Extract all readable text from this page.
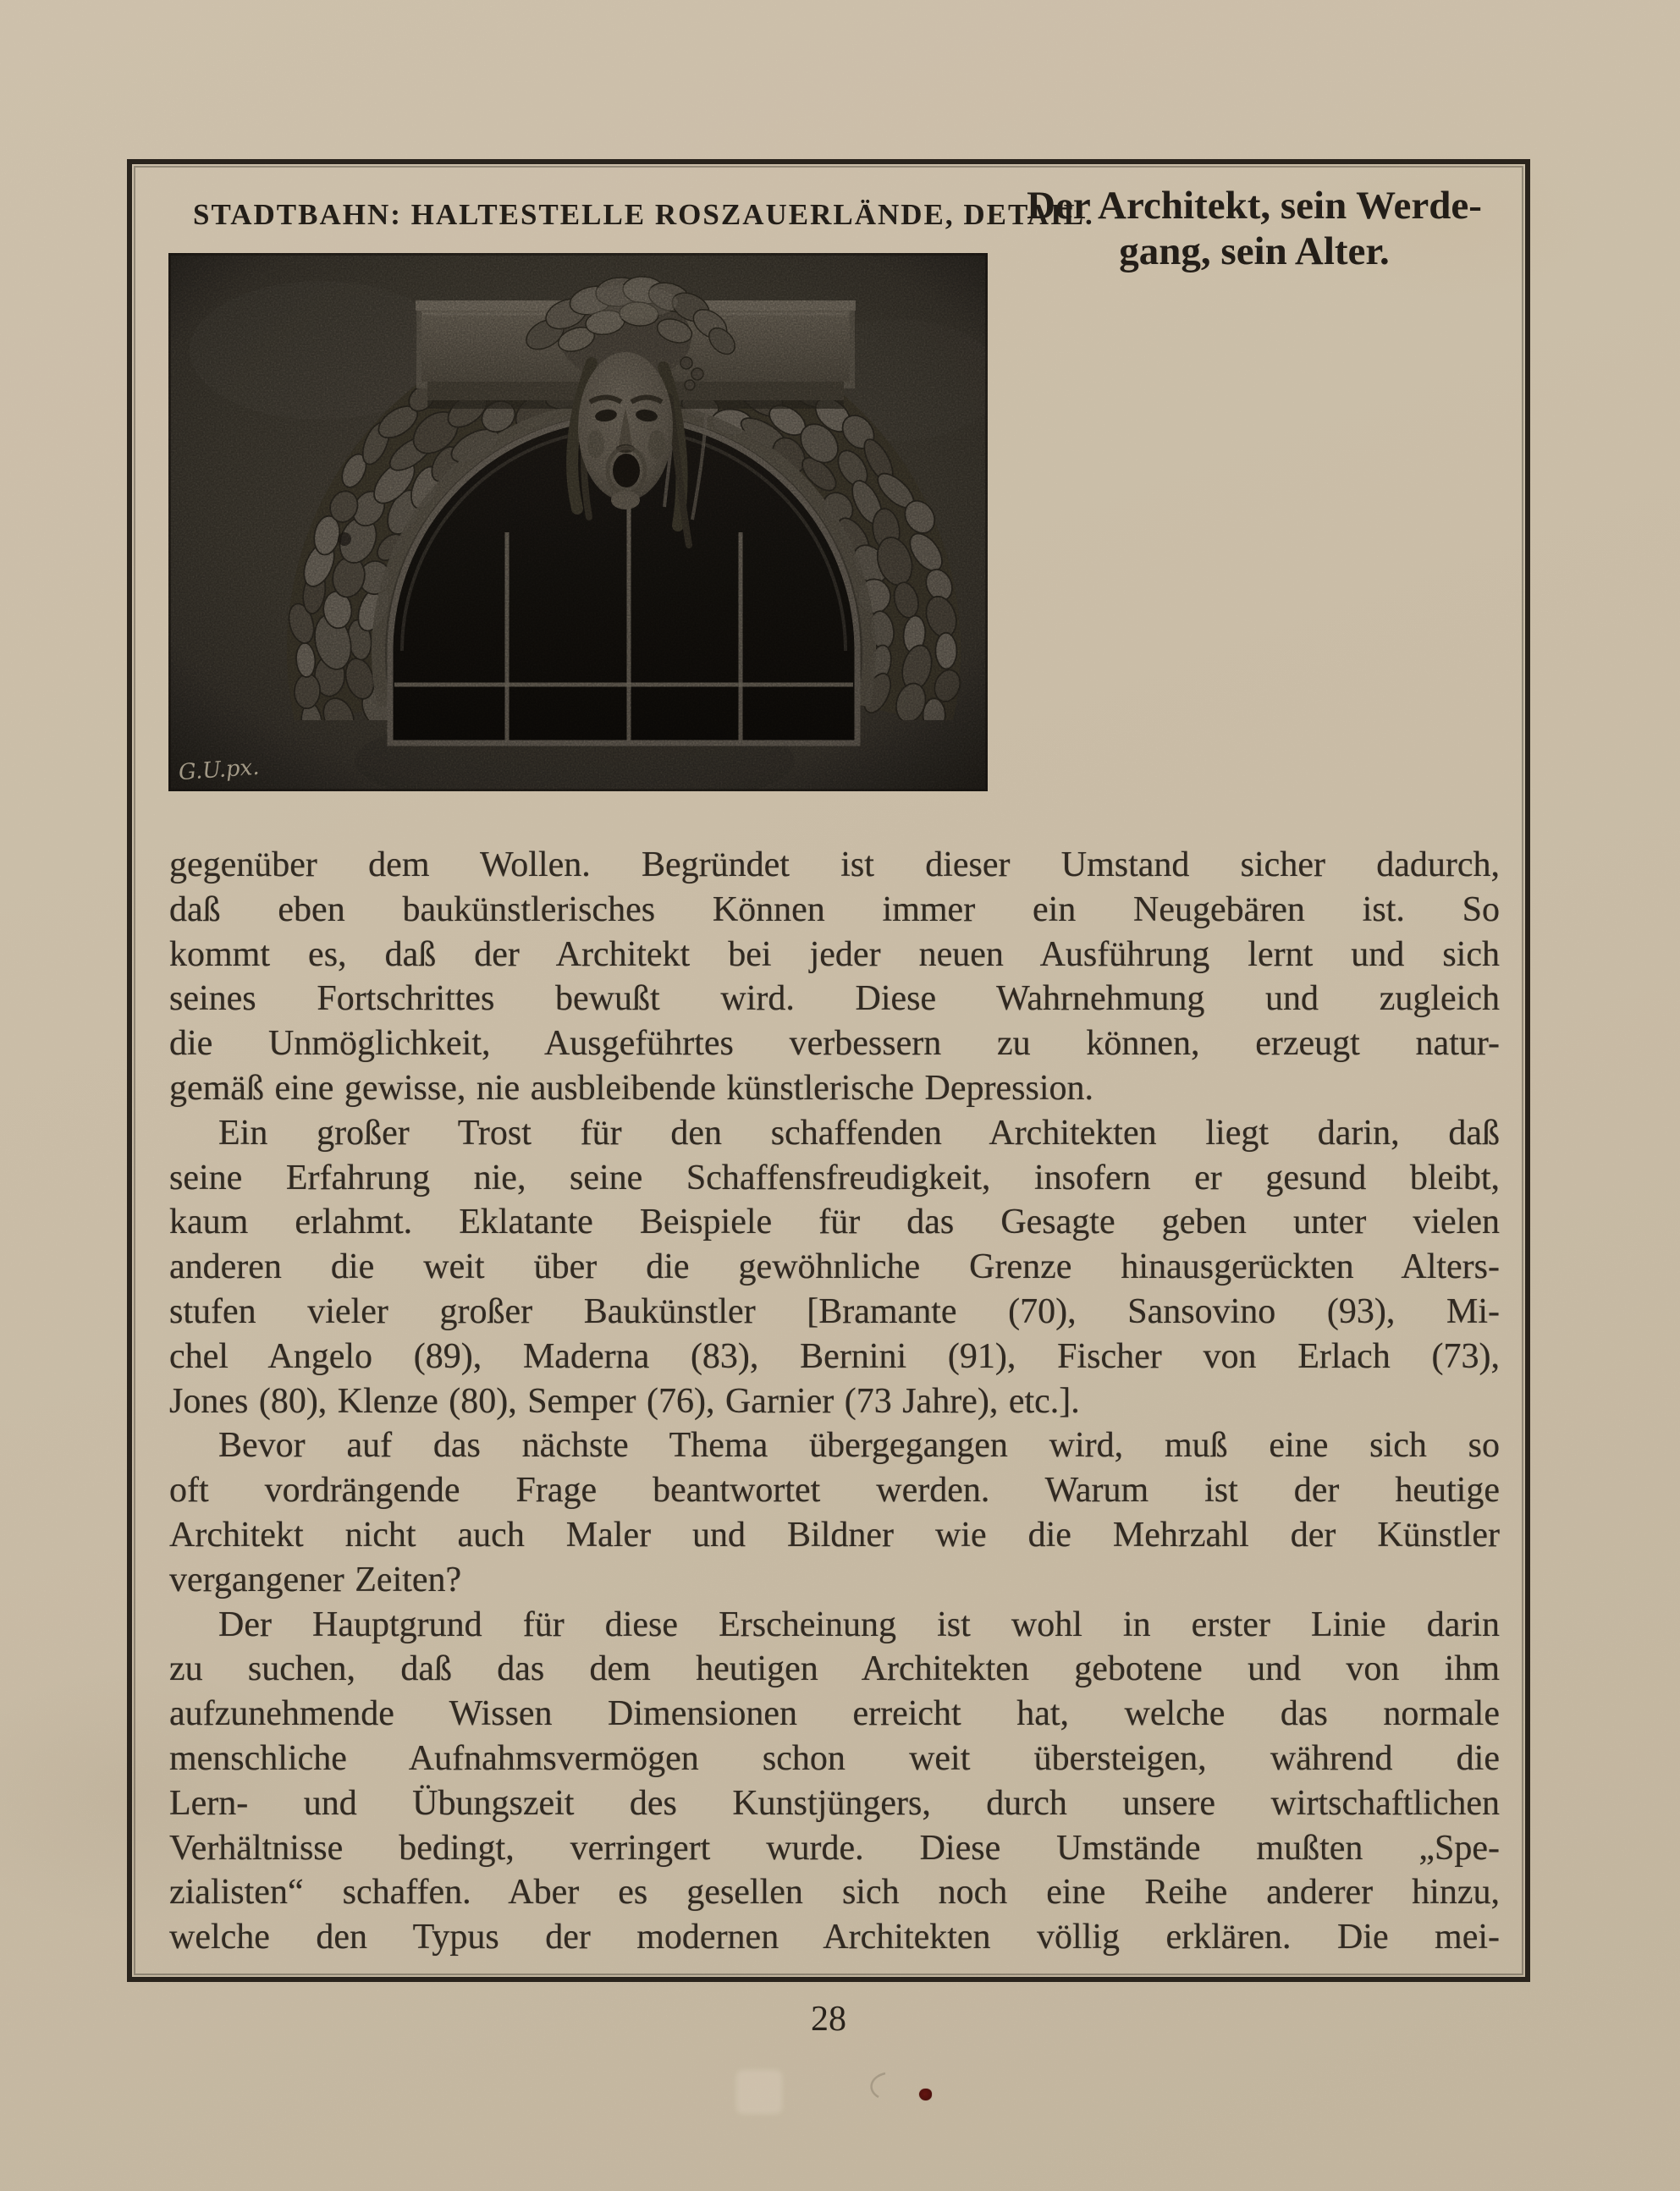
STADTBAHN: HALTESTELLE ROSZAUERLÄNDE, DETAIL.
Der Architekt, sein Werde-
gang, sein Alter.
G.U.px.
gegenüber dem Wollen. Begründet ist dieser Umstand sicher dadurch,
daß eben baukünstlerisches Können immer ein Neugebären ist. So
kommt es, daß der Architekt bei jeder neuen Ausführung lernt und sich
seines Fortschrittes bewußt wird. Diese Wahrnehmung und zugleich
die Unmöglichkeit, Ausgeführtes verbessern zu können, erzeugt natur-
gemäß eine gewisse, nie ausbleibende künstlerische Depression.
Ein großer Trost für den schaffenden Architekten liegt darin, daß
seine Erfahrung nie, seine Schaffensfreudigkeit, insofern er gesund bleibt,
kaum erlahmt. Eklatante Beispiele für das Gesagte geben unter vielen
anderen die weit über die gewöhnliche Grenze hinausgerückten Alters-
stufen vieler großer Baukünstler [Bramante (70), Sansovino (93), Mi-
chel Angelo (89), Maderna (83), Bernini (91), Fischer von Erlach (73),
Jones (80), Klenze (80), Semper (76), Garnier (73 Jahre), etc.].
Bevor auf das nächste Thema übergegangen wird, muß eine sich so
oft vordrängende Frage beantwortet werden. Warum ist der heutige
Architekt nicht auch Maler und Bildner wie die Mehrzahl der Künstler
vergangener Zeiten?
Der Hauptgrund für diese Erscheinung ist wohl in erster Linie darin
zu suchen, daß das dem heutigen Architekten gebotene und von ihm
aufzunehmende Wissen Dimensionen erreicht hat, welche das normale
menschliche Aufnahmsvermögen schon weit übersteigen, während die
Lern- und Übungszeit des Kunstjüngers, durch unsere wirtschaftlichen
Verhältnisse bedingt, verringert wurde. Diese Umstände mußten „Spe-
zialisten“ schaffen. Aber es gesellen sich noch eine Reihe anderer hinzu,
welche den Typus der modernen Architekten völlig erklären. Die mei-
28
